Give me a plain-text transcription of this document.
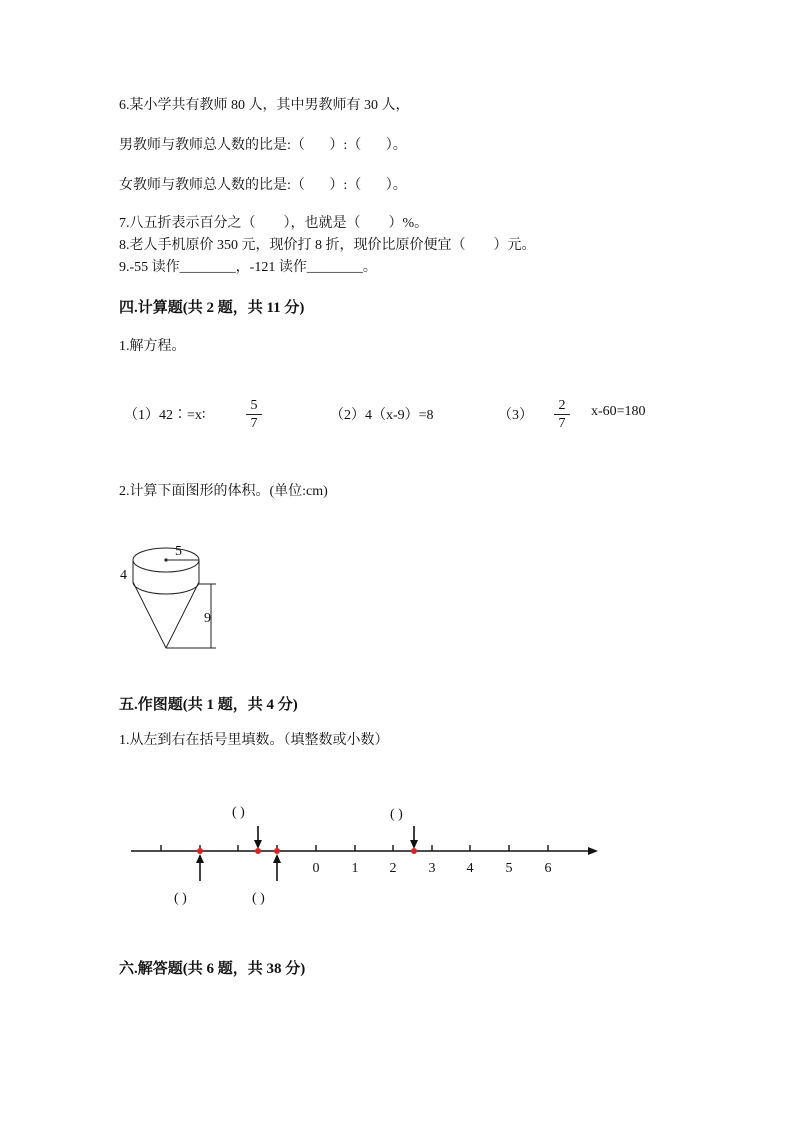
6.某小学共有教师 80 人，其中男教师有 30 人，
男教师与教师总人数的比是:（       ）:（       ）。
女教师与教师总人数的比是:（       ）:（       ）。
7.八五折表示百分之（        ），也就是（        ）%。
8.老人手机原价 350 元，现价打 8 折，现价比原价便宜（        ）元。
9.-55 读作________，-121 读作________。
四.计算题(共 2 题，共 11 分)
1.解方程。
（1）42∶=x∶
5
7
（2）4（x-9）=8	（3）
2
7
x-60=180
2.计算下面图形的体积。(单位:cm)
5
4
9
五.作图题(共 1 题，共 4 分)
1.从左到右在括号里填数。（填整数或小数）
0 1 2 3 4 5 6
( )	( )
( )	( )
六.解答题(共 6 题，共 38 分)
